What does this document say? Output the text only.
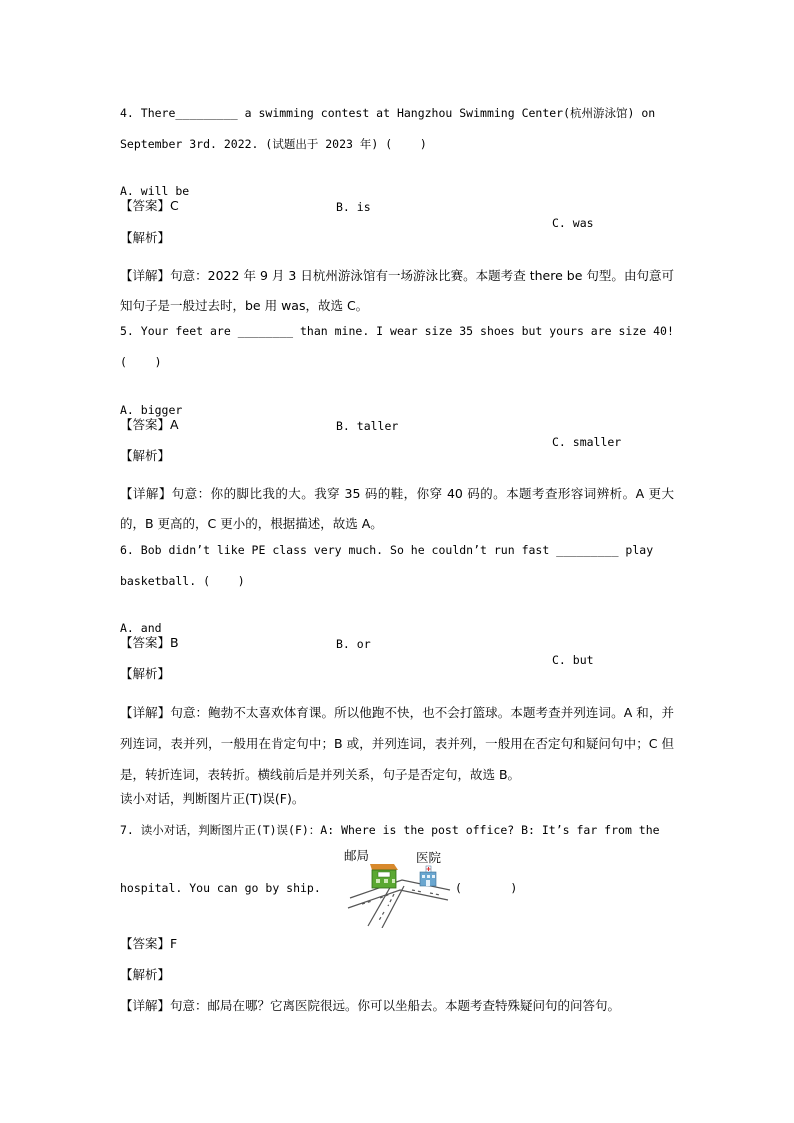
4. There_________ a swimming contest at Hangzhou Swimming Center(杭州游泳馆) on
September 3rd. 2022. (试题出于 2023 年) (    )

A. will be

B. is

C. was

【答案】C
【解析】
【详解】句意：2022 年 9 月 3 日杭州游泳馆有一场游泳比赛。本题考查 there be 句型。由句意可知句子是一般过去时，be 用 was，故选 C。
5. Your feet are ________ than mine. I wear size 35 shoes but yours are size 40!
(    )

A. bigger

B. taller

C. smaller

【答案】A
【解析】
【详解】句意：你的脚比我的大。我穿 35 码的鞋，你穿 40 码的。本题考查形容词辨析。A 更大的，B 更高的，C 更小的，根据描述，故选 A。
6. Bob didn’t like PE class very much. So he couldn’t run fast _________ play
basketball. (    )

A. and

B. or

C. but

【答案】B
【解析】
【详解】句意：鲍勃不太喜欢体育课。所以他跑不快，也不会打篮球。本题考查并列连词。A 和，并列连词，表并列，一般用在肯定句中；B 或，并列连词，表并列，一般用在否定句和疑问句中；C 但是，转折连词，表转折。横线前后是并列关系，句子是否定句，故选 B。
读小对话，判断图片正(T)误(F)。
7. 读小对话，判断图片正(T)误(F)：A: Where is the post office? B: It’s far from the
hospital. You can go by ship.	(       )
邮局	医院
【答案】F
【解析】
【详解】句意：邮局在哪？它离医院很远。你可以坐船去。本题考查特殊疑问句的问答句。
